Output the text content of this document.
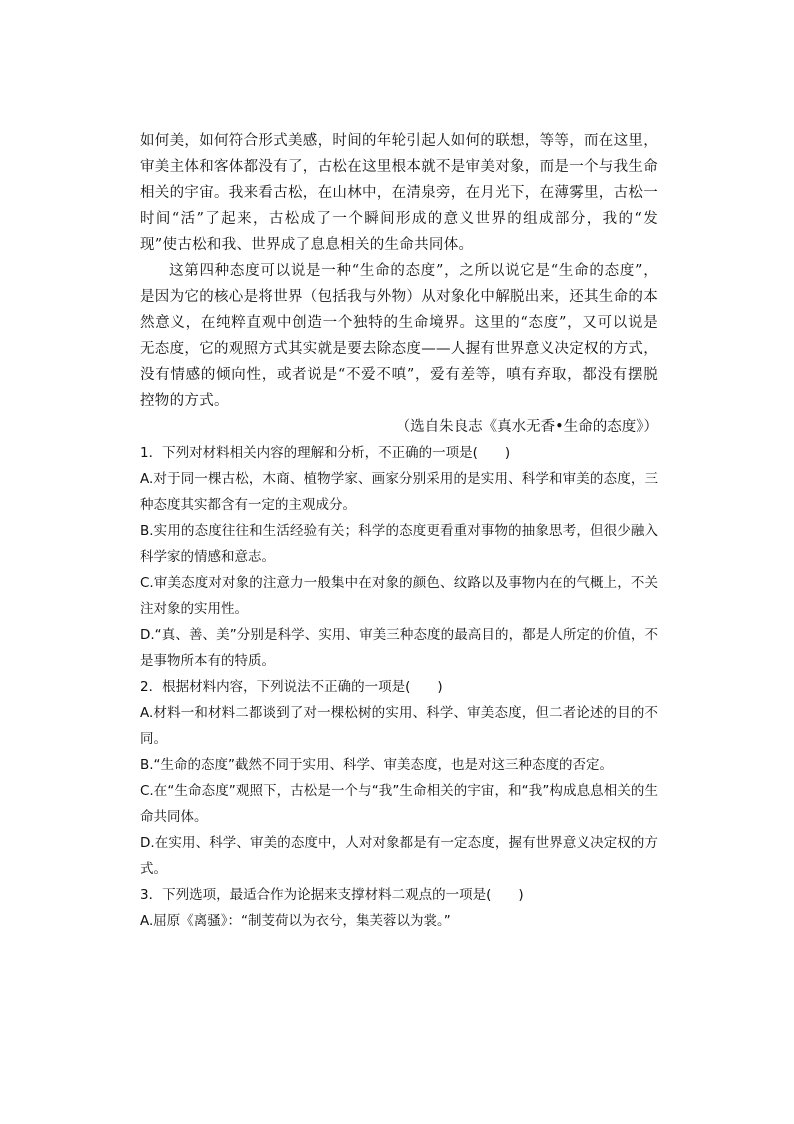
如何美，如何符合形式美感，时间的年轮引起人如何的联想，等等，而在这里，审美主体和客体都没有了，古松在这里根本就不是审美对象，而是一个与我生命相关的宇宙。我来看古松，在山林中，在清泉旁，在月光下，在薄雾里，古松一时间“活”了起来，古松成了一个瞬间形成的意义世界的组成部分，我的“发现”使古松和我、世界成了息息相关的生命共同体。

这第四种态度可以说是一种“生命的态度”，之所以说它是“生命的态度”，是因为它的核心是将世界（包括我与外物）从对象化中解脱出来，还其生命的本然意义，在纯粹直观中创造一个独特的生命境界。这里的“态度”，又可以说是无态度，它的观照方式其实就是要去除态度——人握有世界意义决定权的方式，没有情感的倾向性，或者说是“不爱不嗔”，爱有差等，嗔有弃取，都没有摆脱控物的方式。

（选自朱良志《真水无香•生命的态度》）

1．下列对材料相关内容的理解和分析，不正确的一项是(　　)

A.对于同一棵古松，木商、植物学家、画家分别采用的是实用、科学和审美的态度，三种态度其实都含有一定的主观成分。

B.实用的态度往往和生活经验有关；科学的态度更看重对事物的抽象思考，但很少融入科学家的情感和意志。

C.审美态度对对象的注意力一般集中在对象的颜色、纹路以及事物内在的气概上，不关注对象的实用性。

D.“真、善、美”分别是科学、实用、审美三种态度的最高目的，都是人所定的价值，不是事物所本有的特质。

2．根据材料内容，下列说法不正确的一项是(　　)

A.材料一和材料二都谈到了对一棵松树的实用、科学、审美态度，但二者论述的目的不同。

B.“生命的态度”截然不同于实用、科学、审美态度，也是对这三种态度的否定。

C.在“生命态度”观照下，古松是一个与“我”生命相关的宇宙，和“我”构成息息相关的生命共同体。

D.在实用、科学、审美的态度中，人对对象都是有一定态度，握有世界意义决定权的方式。

3．下列选项，最适合作为论据来支撑材料二观点的一项是(　　)

A.屈原《离骚》：“制芰荷以为衣兮，集芙蓉以为裳。”
